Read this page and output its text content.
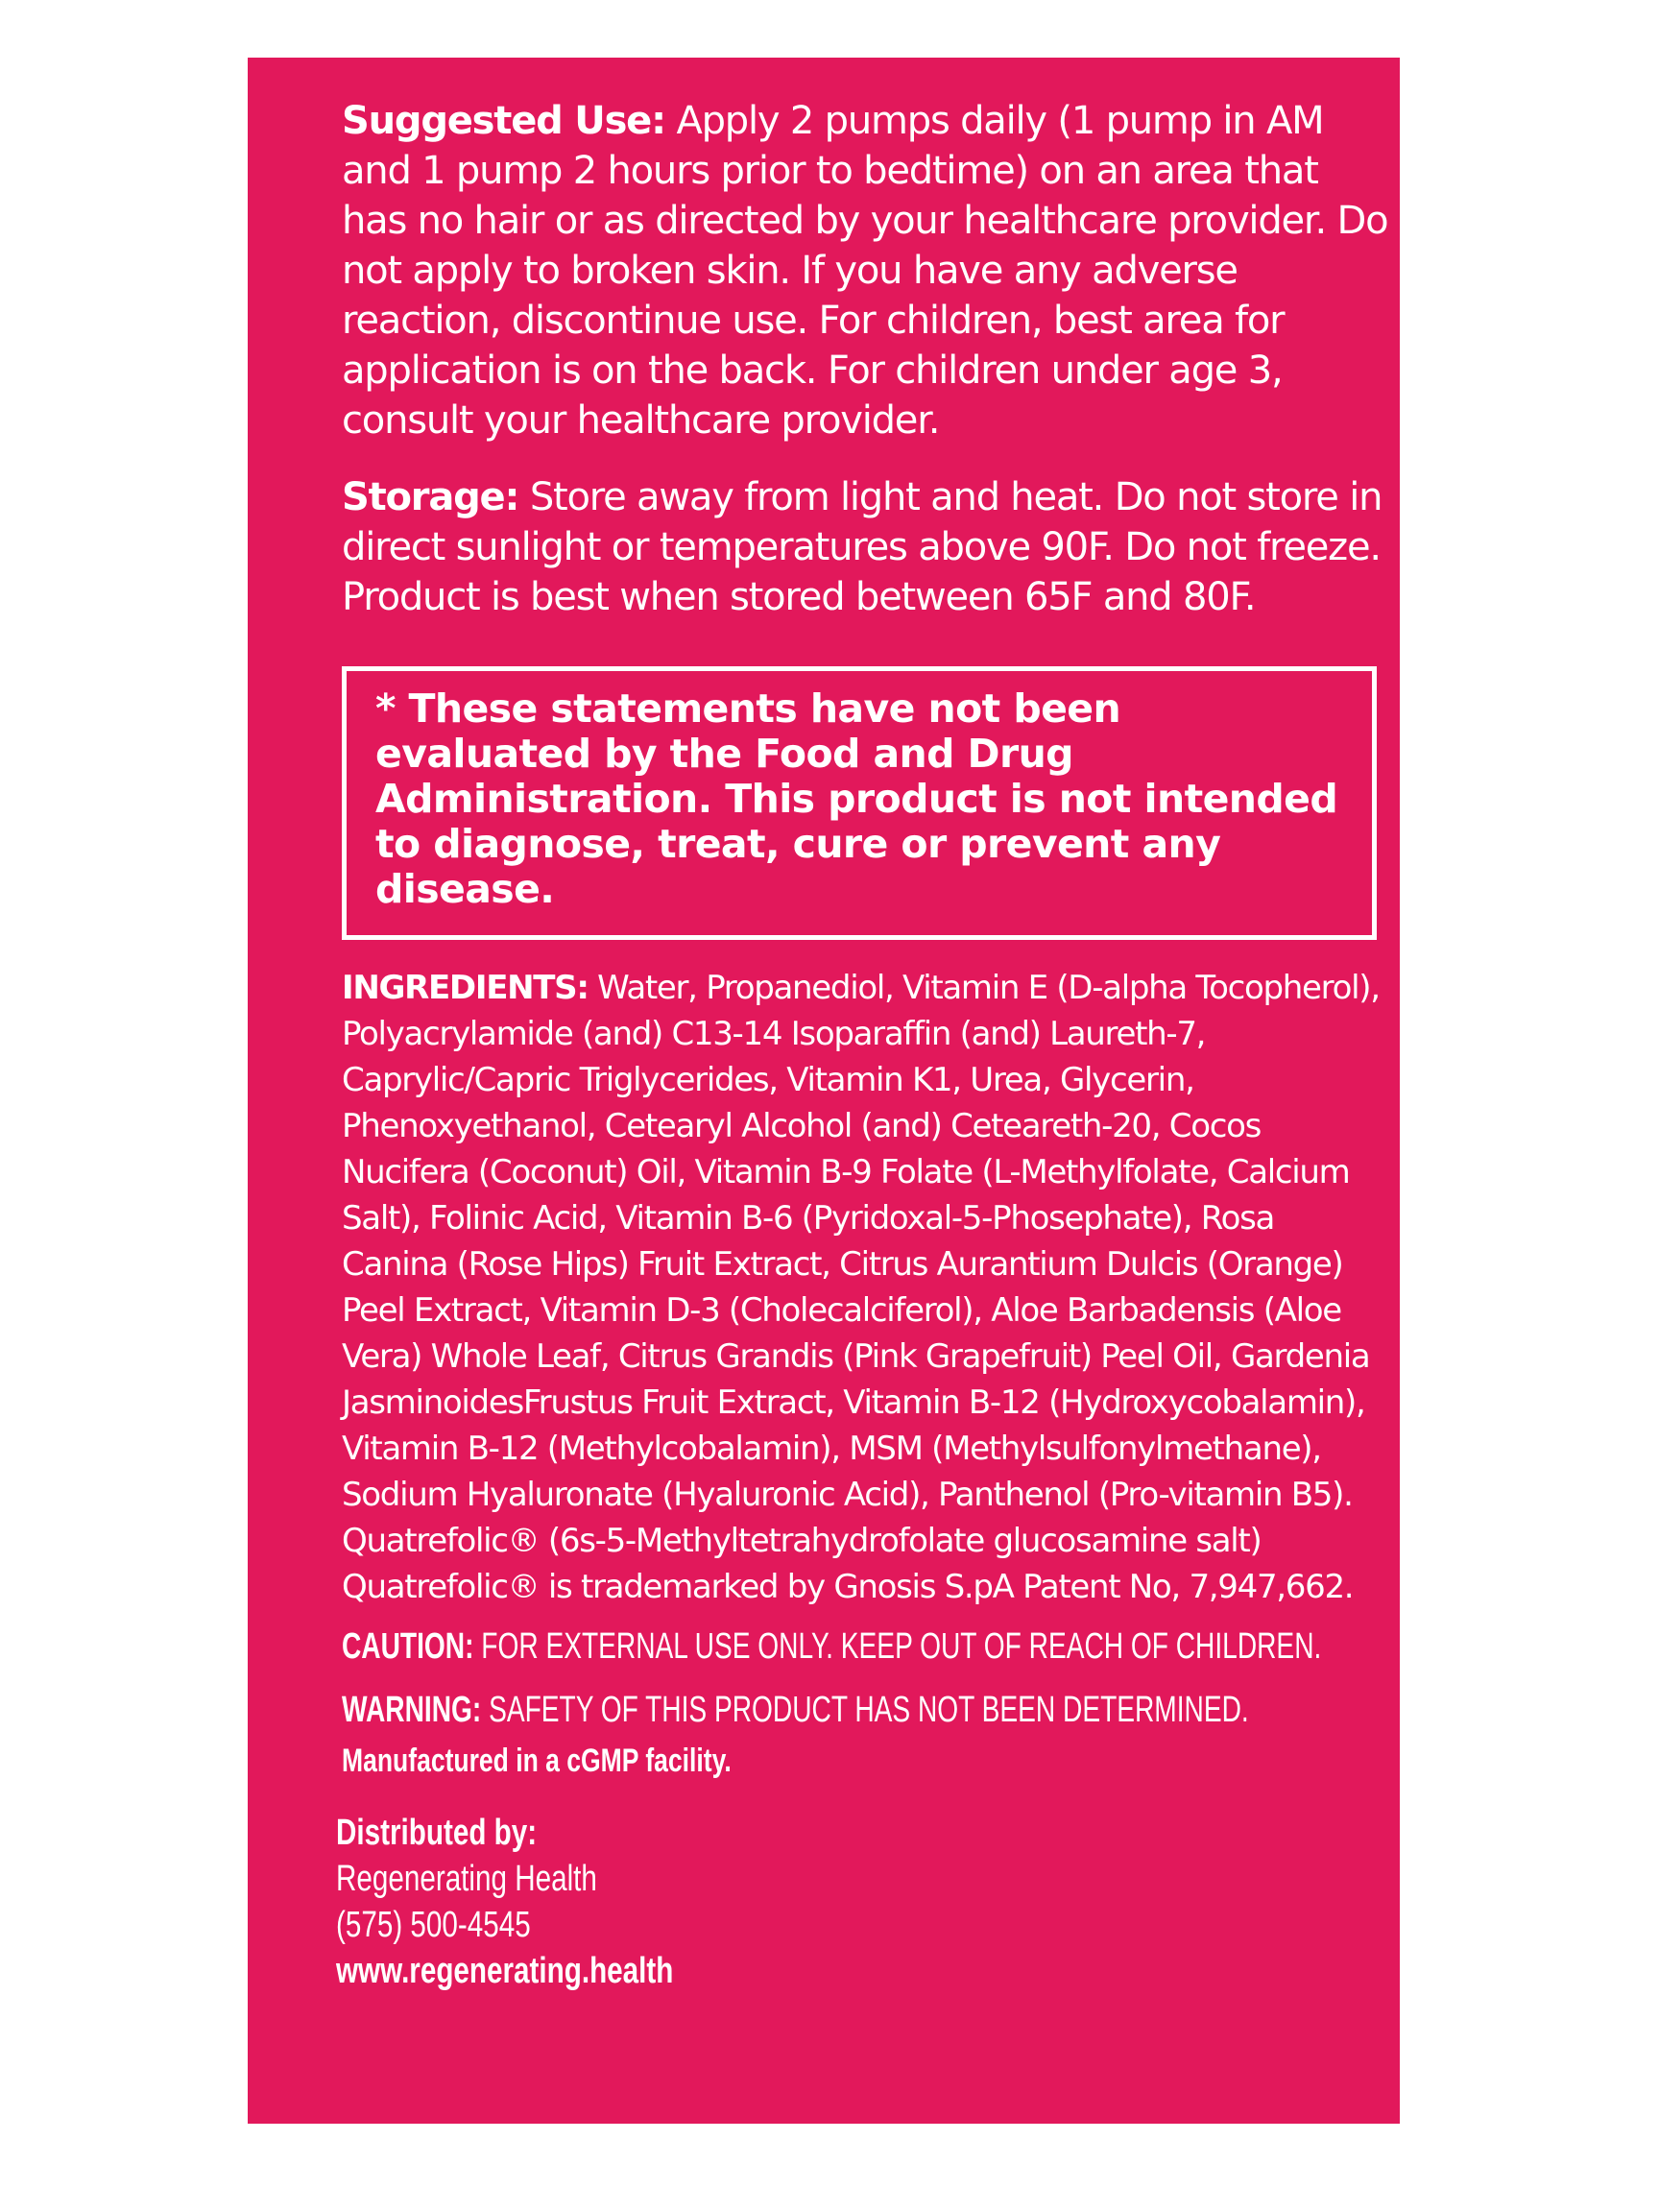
Suggested Use: Apply 2 pumps daily (1 pump in AM and 1 pump 2 hours prior to bedtime) on an area that has no hair or as directed by your healthcare provider. Do not apply to broken skin. If you have any adverse reaction, discontinue use. For children, best area for application is on the back. For children under age 3, consult your healthcare provider.

Storage: Store away from light and heat. Do not store in direct sunlight or temperatures above 90F. Do not freeze. Product is best when stored between 65F and 80F.

* These statements have not been evaluated by the Food and Drug Administration. This product is not intended to diagnose, treat, cure or prevent any disease.
INGREDIENTS: Water, Propanediol, Vitamin E (D-alpha Tocopherol), Polyacrylamide (and) C13-14 Isoparaffin (and) Laureth-7, Caprylic/Capric Triglycerides, Vitamin K1, Urea, Glycerin, Phenoxyethanol, Cetearyl Alcohol (and) Ceteareth-20, Cocos Nucifera (Coconut) Oil, Vitamin B-9 Folate (L-Methylfolate, Calcium Salt), Folinic Acid, Vitamin B-6 (Pyridoxal-5-Phosephate), Rosa Canina (Rose Hips) Fruit Extract, Citrus Aurantium Dulcis (Orange) Peel Extract, Vitamin D-3 (Cholecalciferol), Aloe Barbadensis (Aloe Vera) Whole Leaf, Citrus Grandis (Pink Grapefruit) Peel Oil, Gardenia JasminoidesFrustus Fruit Extract, Vitamin B-12 (Hydroxycobalamin), Vitamin B-12 (Methylcobalamin), MSM (Methylsulfonylmethane), Sodium Hyaluronate (Hyaluronic Acid), Panthenol (Pro-vitamin B5). Quatrefolic® (6s-5-Methyltetrahydrofolate glucosamine salt) Quatrefolic® is trademarked by Gnosis S.pA Patent No, 7,947,662.
CAUTION: FOR EXTERNAL USE ONLY. KEEP OUT OF REACH OF CHILDREN.
WARNING: SAFETY OF THIS PRODUCT HAS NOT BEEN DETERMINED.
Manufactured in a cGMP facility.
Distributed by:
Regenerating Health
(575) 500-4545
www.regenerating.health
